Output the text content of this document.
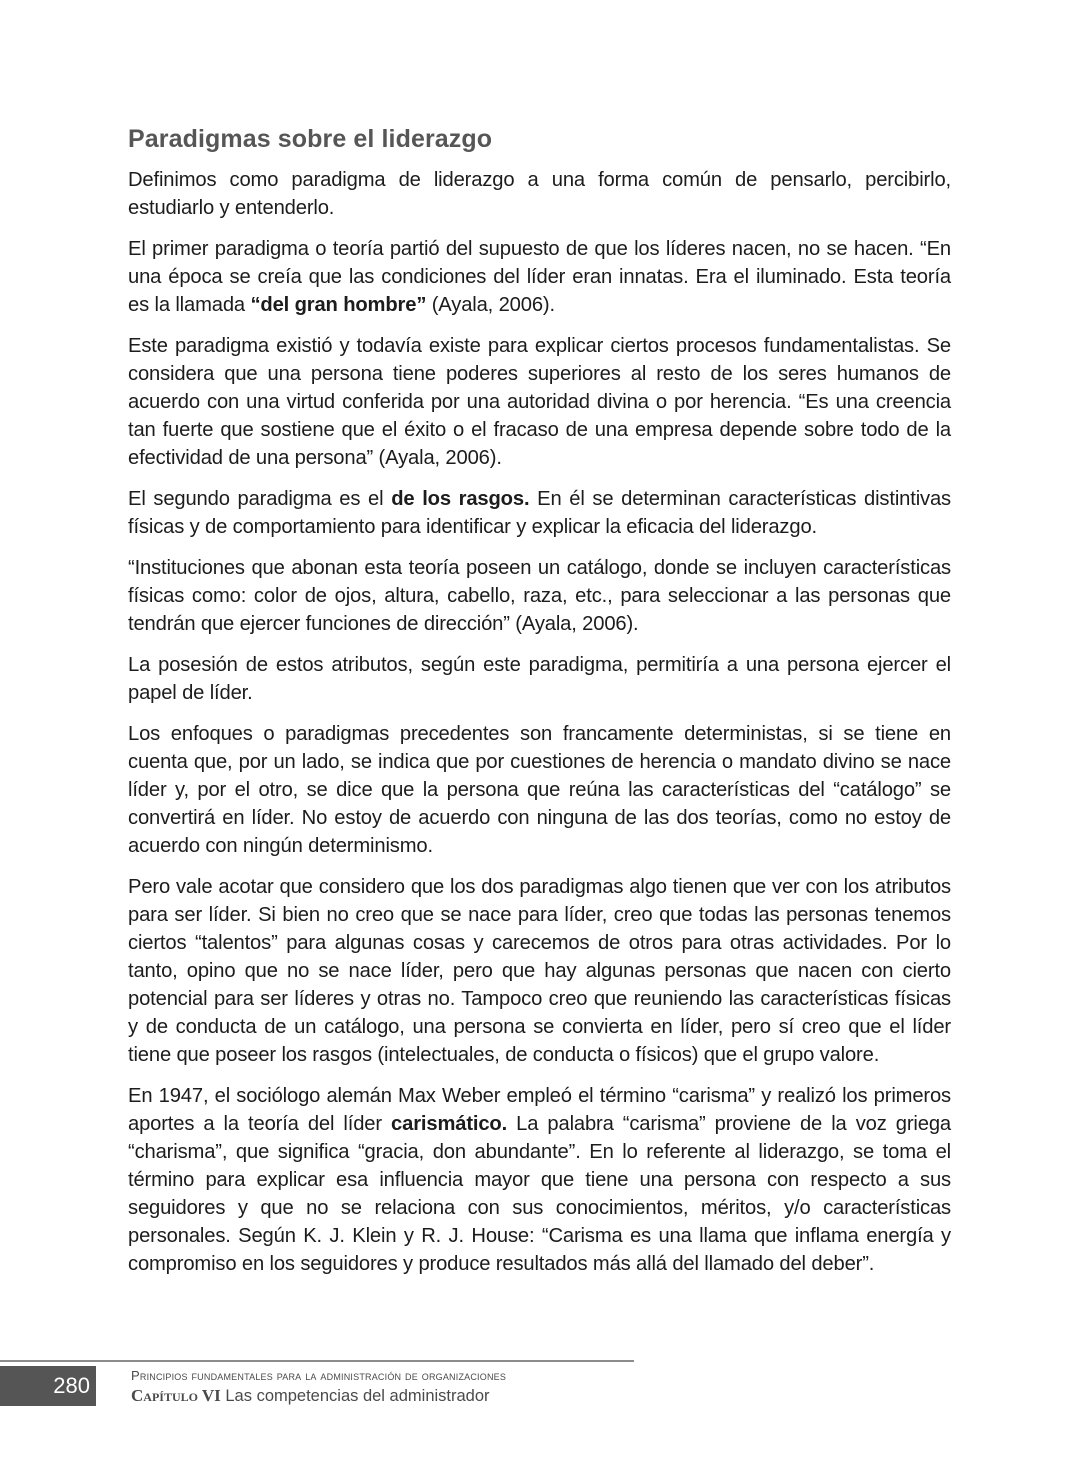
Paradigmas sobre el liderazgo

Definimos como paradigma de liderazgo a una forma común de pensarlo, percibirlo, estudiarlo y entenderlo.

El primer paradigma o teoría partió del supuesto de que los líderes nacen, no se hacen. “En una época se creía que las condiciones del líder eran innatas. Era el iluminado. Esta teoría es la llamada “del gran hombre” (Ayala, 2006).

Este paradigma existió y todavía existe para explicar ciertos procesos fundamentalistas. Se considera que una persona tiene poderes superiores al resto de los seres humanos de acuerdo con una virtud conferida por una autoridad divina o por herencia. “Es una creencia tan fuerte que sostiene que el éxito o el fracaso de una empresa depende sobre todo de la efectividad de una persona” (Ayala, 2006).

El segundo paradigma es el de los rasgos. En él se determinan características distintivas físicas y de comportamiento para identificar y explicar la eficacia del liderazgo.

“Instituciones que abonan esta teoría poseen un catálogo, donde se incluyen características físicas como: color de ojos, altura, cabello, raza, etc., para seleccionar a las personas que tendrán que ejercer funciones de dirección” (Ayala, 2006).

La posesión de estos atributos, según este paradigma, permitiría a una persona ejercer el papel de líder.

Los enfoques o paradigmas precedentes son francamente deterministas, si se tiene en cuenta que, por un lado, se indica que por cuestiones de herencia o mandato divino se nace líder y, por el otro, se dice que la persona que reúna las características del “catálogo” se convertirá en líder. No estoy de acuerdo con ninguna de las dos teorías, como no estoy de acuerdo con ningún determinismo.

Pero vale acotar que considero que los dos paradigmas algo tienen que ver con los atributos para ser líder. Si bien no creo que se nace para líder, creo que todas las personas tenemos ciertos “talentos” para algunas cosas y carecemos de otros para otras actividades. Por lo tanto, opino que no se nace líder, pero que hay algunas personas que nacen con cierto potencial para ser líderes y otras no. Tampoco creo que reuniendo las características físicas y de conducta de un catálogo, una persona se convierta en líder, pero sí creo que el líder tiene que poseer los rasgos (intelectuales, de conducta o físicos) que el grupo valore.

En 1947, el sociólogo alemán Max Weber empleó el término “carisma” y realizó los primeros aportes a la teoría del líder carismático. La palabra “carisma” proviene de la voz griega “charisma”, que significa “gracia, don abundante”. En lo referente al liderazgo, se toma el término para explicar esa influencia mayor que tiene una persona con respecto a sus seguidores y que no se relaciona con sus conocimientos, méritos, y/o características personales. Según K. J. Klein y R. J. House: “Carisma es una llama que inflama energía y compromiso en los seguidores y produce resultados más allá del llamado del deber”.

280	Principios fundamentales para la administración de organizaciones
Capítulo VI Las competencias del administrador
